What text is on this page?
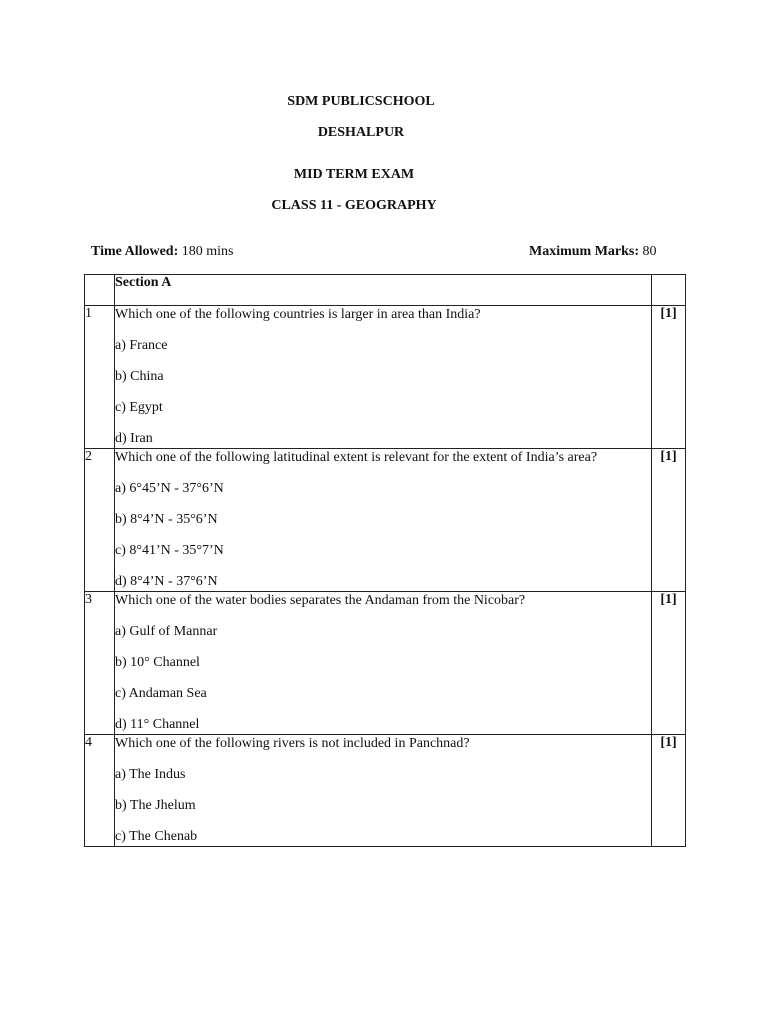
SDM PUBLICSCHOOL
DESHALPUR
MID TERM EXAM
CLASS 11 - GEOGRAPHY
Time Allowed: 180 mins	Maximum Marks: 80
	Section A	
1	Which one of the following countries is larger in area than India?

a) France

b) China

c) Egypt

d) Iran	[1]
2	Which one of the following latitudinal extent is relevant for the extent of India’s area?

a) 6°45’N - 37°6’N

b) 8°4’N - 35°6’N

c) 8°41’N - 35°7’N

d) 8°4’N - 37°6’N	[1]
3	Which one of the water bodies separates the Andaman from the Nicobar?

a) Gulf of Mannar

b) 10° Channel

c) Andaman Sea

d) 11° Channel	[1]
4	Which one of the following rivers is not included in Panchnad?

a) The Indus

b) The Jhelum

c) The Chenab	[1]
